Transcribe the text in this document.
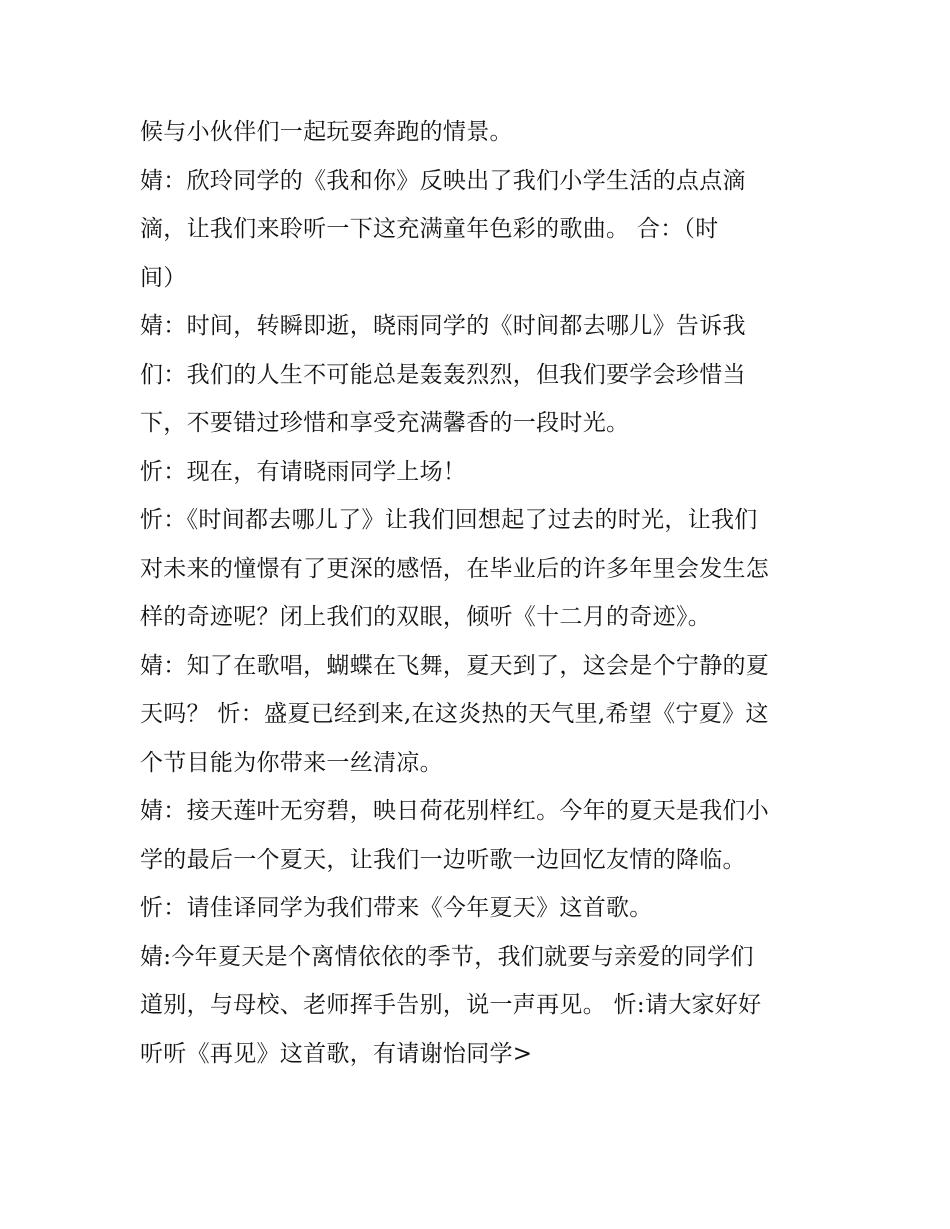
候与小伙伴们一起玩耍奔跑的情景。
婧：欣玲同学的《我和你》反映出了我们小学生活的点点滴
滴，让我们来聆听一下这充满童年色彩的歌曲。 合：（时
间）
婧：时间，转瞬即逝，晓雨同学的《时间都去哪儿》告诉我
们：我们的人生不可能总是轰轰烈烈，但我们要学会珍惜当
下，不要错过珍惜和享受充满馨香的一段时光。
忻：现在，有请晓雨同学上场！
忻：《时间都去哪儿了》让我们回想起了过去的时光，让我们
对未来的憧憬有了更深的感悟，在毕业后的许多年里会发生怎
样的奇迹呢？闭上我们的双眼，倾听《十二月的奇迹》。
婧：知了在歌唱，蝴蝶在飞舞，夏天到了，这会是个宁静的夏
天吗？ 忻：盛夏已经到来,在这炎热的天气里,希望《宁夏》这
个节目能为你带来一丝清凉。
婧：接天莲叶无穷碧，映日荷花别样红。今年的夏天是我们小
学的最后一个夏天，让我们一边听歌一边回忆友情的降临。
忻：请佳译同学为我们带来《今年夏天》这首歌。
婧:今年夏天是个离情依依的季节，我们就要与亲爱的同学们
道别，与母校、老师挥手告别，说一声再见。 忻:请大家好好
听听《再见》这首歌，有请谢怡同学>
